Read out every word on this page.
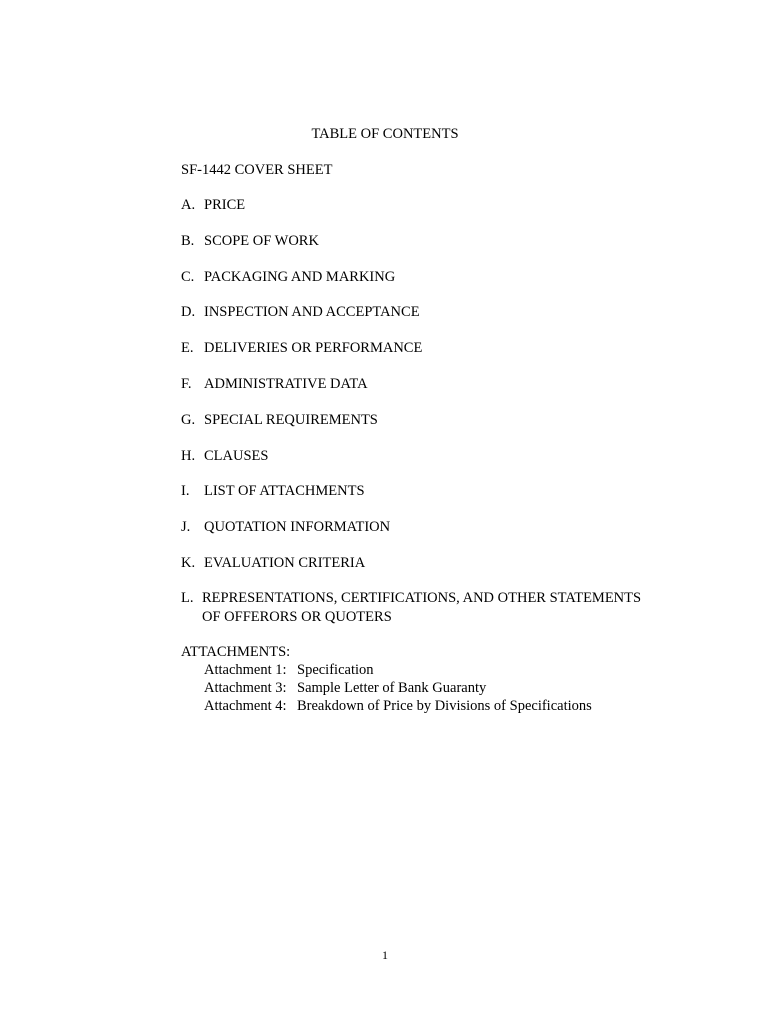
TABLE OF CONTENTS
SF-1442 COVER SHEET
A. PRICE
B. SCOPE OF WORK
C. PACKAGING AND MARKING
D. INSPECTION AND ACCEPTANCE
E. DELIVERIES OR PERFORMANCE
F. ADMINISTRATIVE DATA
G. SPECIAL REQUIREMENTS
H. CLAUSES
I.	LIST OF ATTACHMENTS
J. QUOTATION INFORMATION
K. EVALUATION CRITERIA
L. REPRESENTATIONS, CERTIFICATIONS, AND OTHER STATEMENTS
OF OFFERORS OR QUOTERS
ATTACHMENTS:
Attachment 1: Specification
Attachment 3: Sample Letter of Bank Guaranty
Attachment 4: Breakdown of Price by Divisions of Specifications
1
